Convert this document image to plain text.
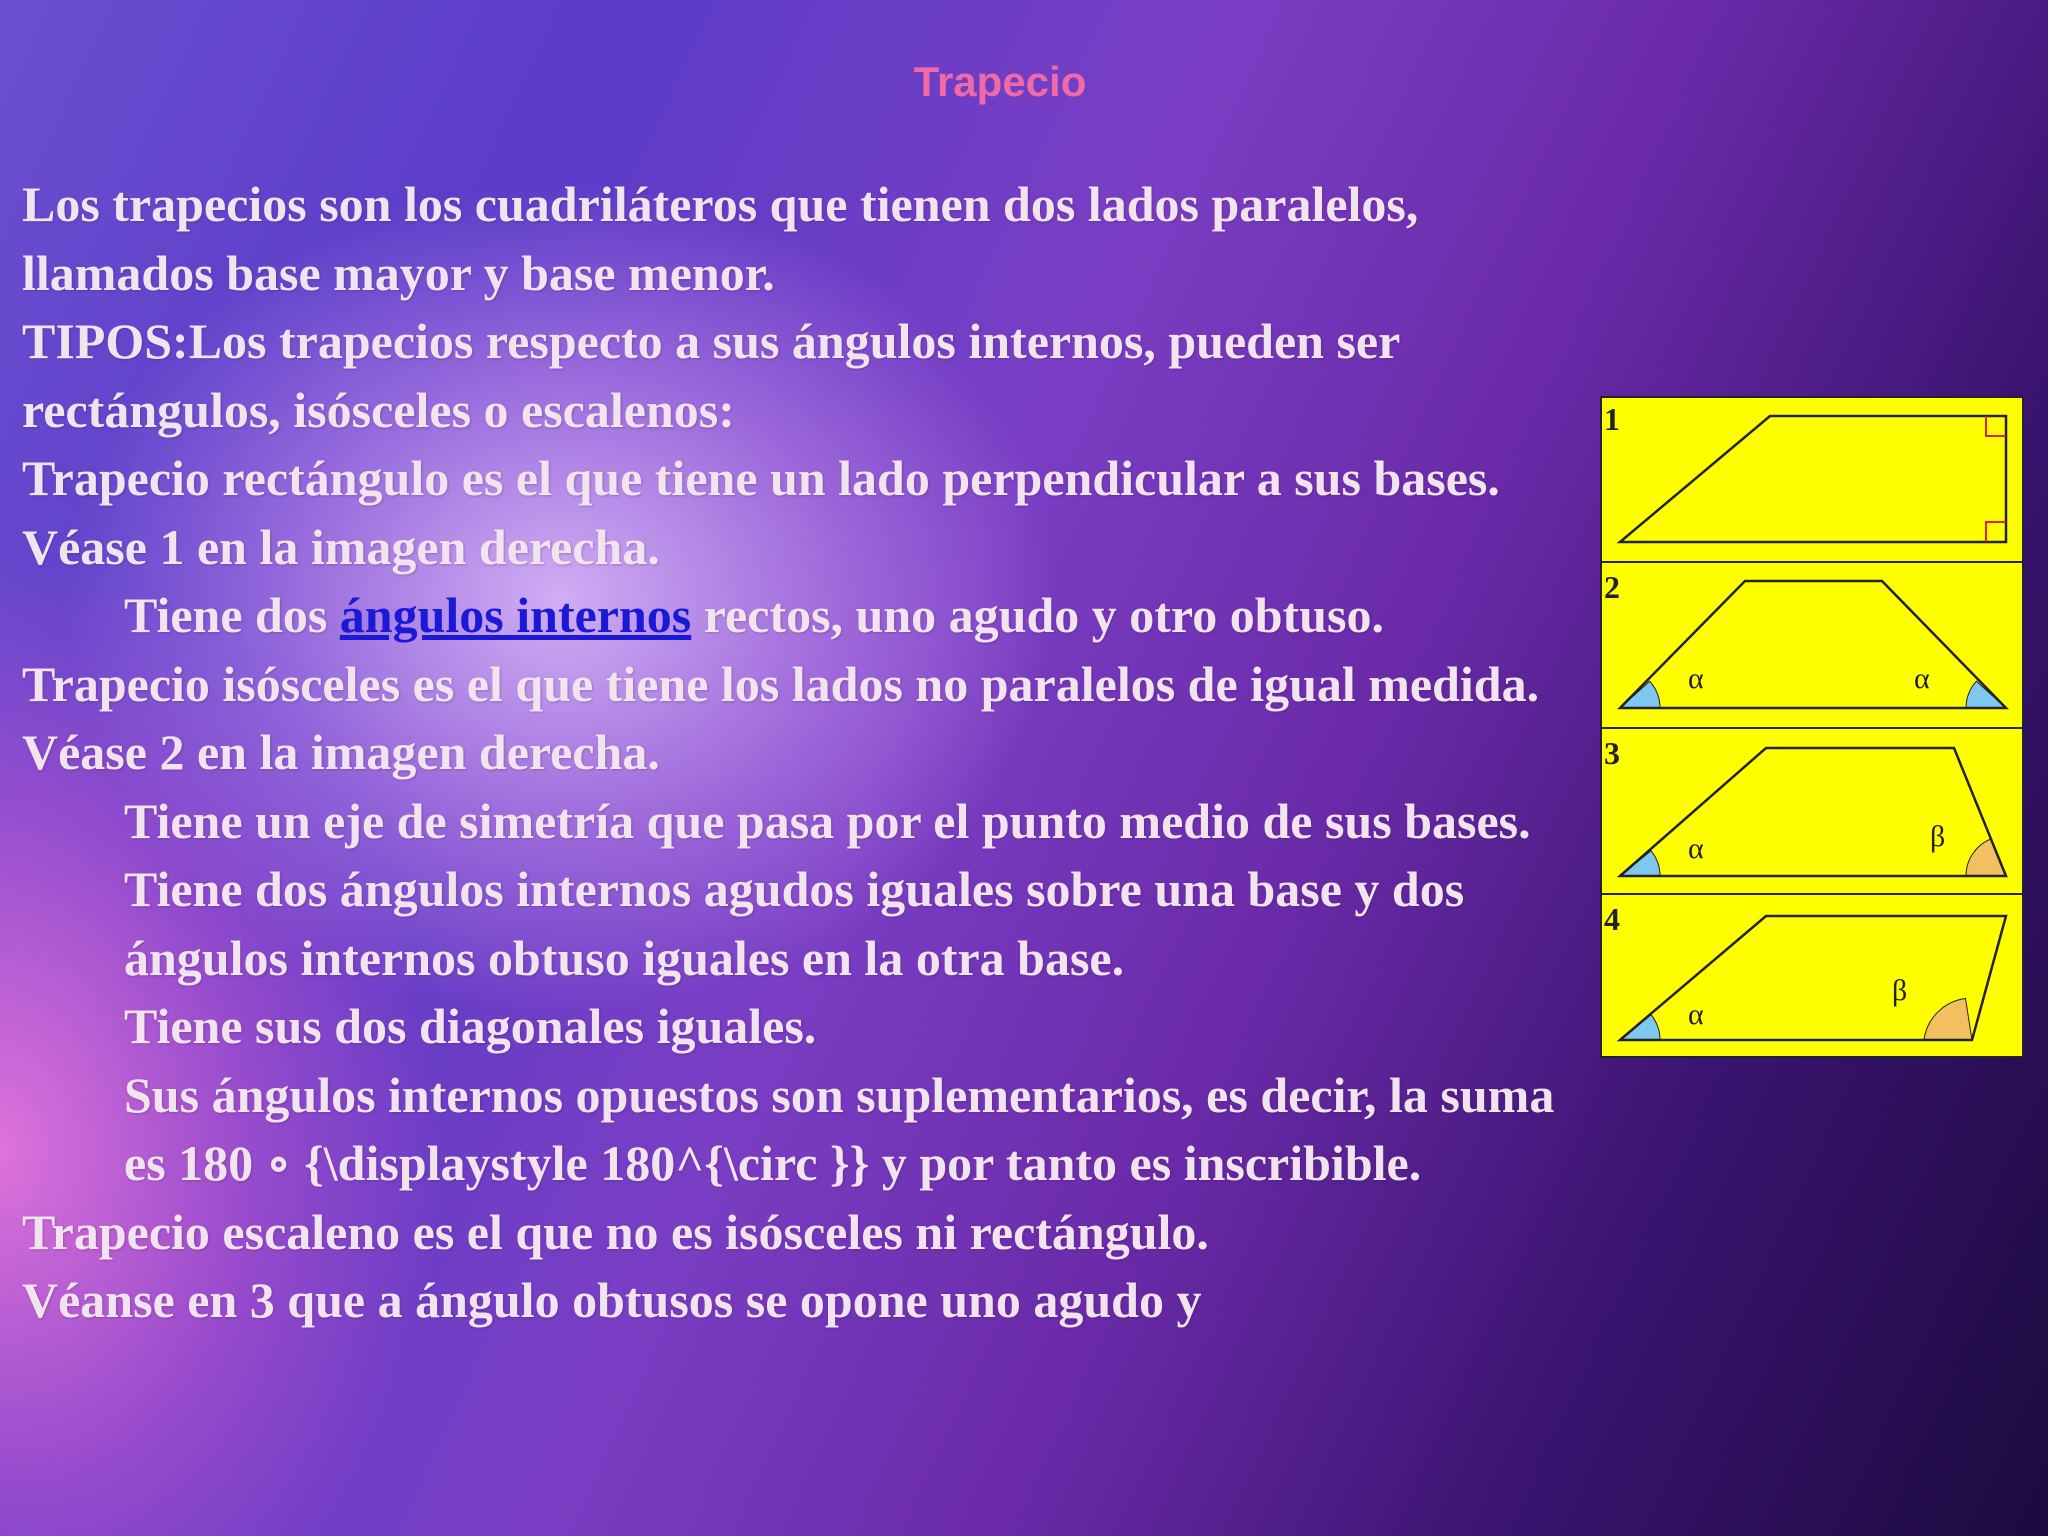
Trapecio

Los trapecios son los cuadriláteros que tienen dos lados paralelos, llamados base mayor y base menor.

TIPOS:Los trapecios respecto a sus ángulos internos, pueden ser rectángulos, isósceles o escalenos:

Trapecio rectángulo es el que tiene un lado perpendicular a sus bases. Véase 1 en la imagen derecha.

Tiene dos ángulos internos rectos, uno agudo y otro obtuso.

Trapecio isósceles es el que tiene los lados no paralelos de igual medida. Véase 2 en la imagen derecha.

Tiene un eje de simetría que pasa por el punto medio de sus bases.

Tiene dos ángulos internos agudos iguales sobre una base y dos ángulos internos obtuso iguales en la otra base.

Tiene sus dos diagonales iguales.

Sus ángulos internos opuestos son suplementarios, es decir, la suma es 180 ∘ {\displaystyle 180^{\circ }} y por tanto es inscribible.

Trapecio escaleno es el que no es isósceles ni rectángulo.

Véanse en 3 que a ángulo obtusos se opone uno agudo y

1
2
α	α
3
α	β
4
α
β
